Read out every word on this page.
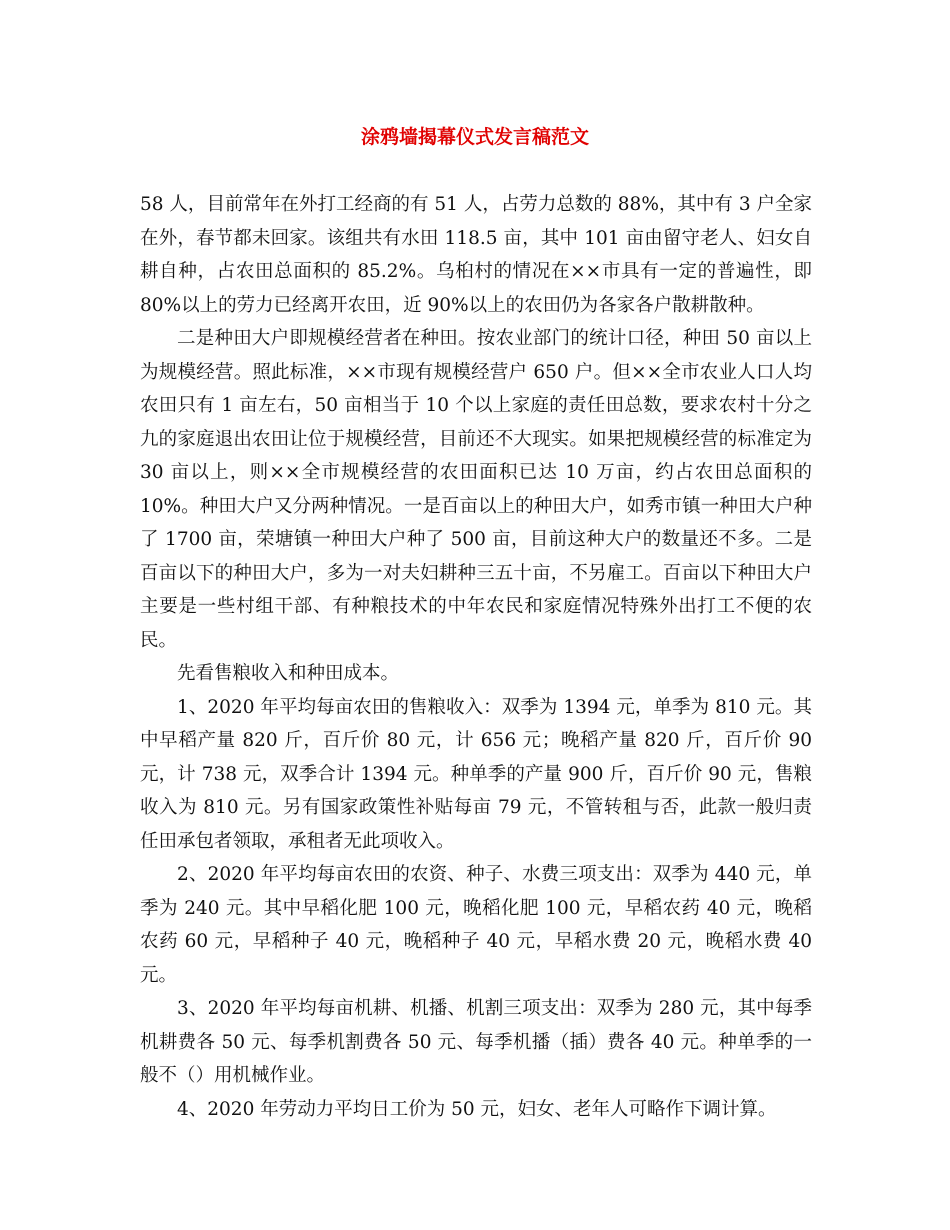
涂鸦墙揭幕仪式发言稿范文

58 人，目前常年在外打工经商的有 51 人，占劳力总数的 88%，其中有 3 户全家在外，春节都未回家。该组共有水田 118.5 亩，其中 101 亩由留守老人、妇女自耕自种，占农田总面积的 85.2%。乌桕村的情况在××市具有一定的普遍性，即 80%以上的劳力已经离开农田，近 90%以上的农田仍为各家各户散耕散种。

二是种田大户即规模经营者在种田。按农业部门的统计口径，种田 50 亩以上为规模经营。照此标准，××市现有规模经营户 650 户。但××全市农业人口人均农田只有 1 亩左右，50 亩相当于 10 个以上家庭的责任田总数，要求农村十分之九的家庭退出农田让位于规模经营，目前还不大现实。如果把规模经营的标准定为 30 亩以上，则××全市规模经营的农田面积已达 10 万亩，约占农田总面积的 10%。种田大户又分两种情况。一是百亩以上的种田大户，如秀市镇一种田大户种了 1700 亩，荣塘镇一种田大户种了 500 亩，目前这种大户的数量还不多。二是百亩以下的种田大户，多为一对夫妇耕种三五十亩，不另雇工。百亩以下种田大户主要是一些村组干部、有种粮技术的中年农民和家庭情况特殊外出打工不便的农民。

先看售粮收入和种田成本。

1、2020 年平均每亩农田的售粮收入：双季为 1394 元，单季为 810 元。其中早稻产量 820 斤，百斤价 80 元，计 656 元；晚稻产量 820 斤，百斤价 90 元，计 738 元，双季合计 1394 元。种单季的产量 900 斤，百斤价 90 元，售粮收入为 810 元。另有国家政策性补贴每亩 79 元，不管转租与否，此款一般归责任田承包者领取，承租者无此项收入。

2、2020 年平均每亩农田的农资、种子、水费三项支出：双季为 440 元，单季为 240 元。其中早稻化肥 100 元，晚稻化肥 100 元，早稻农药 40 元，晚稻农药 60 元，早稻种子 40 元，晚稻种子 40 元，早稻水费 20 元，晚稻水费 40 元。

3、2020 年平均每亩机耕、机播、机割三项支出：双季为 280 元，其中每季机耕费各 50 元、每季机割费各 50 元、每季机播（插）费各 40 元。种单季的一般不（）用机械作业。

4、2020 年劳动力平均日工价为 50 元，妇女、老年人可略作下调计算。
